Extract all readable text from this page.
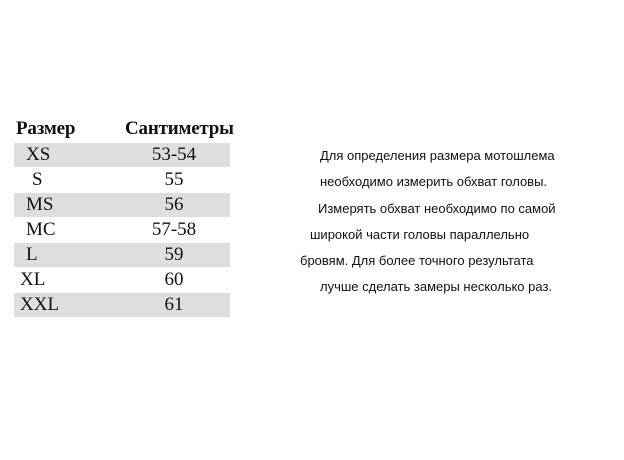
Размер	Сантиметры
XS	53-54
S	55
MS	56
MC	57-58
L	59
XL	60
XXL	61
Для определения размера мотошлема
необходимо измерить обхват головы.
Измерять обхват необходимо по самой
широкой части головы параллельно
бровям. Для более точного результата
лучше сделать замеры несколько раз.
